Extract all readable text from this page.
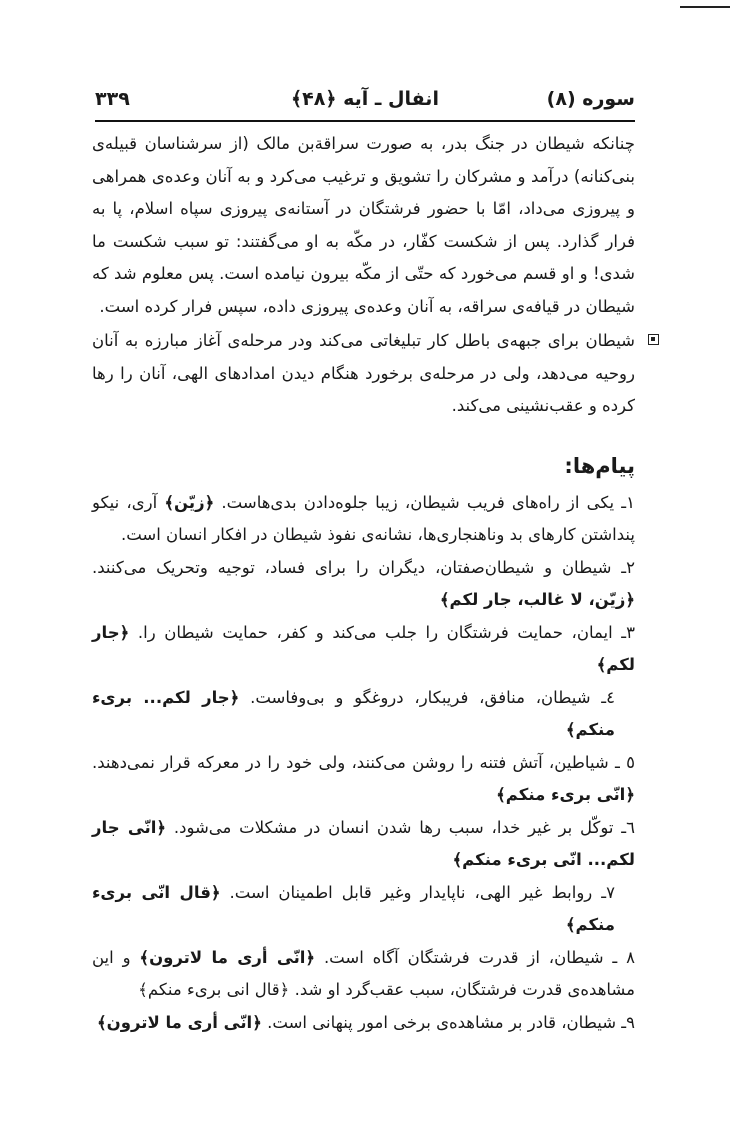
سوره (۸)
انفال ـ آیه ﴿۴۸﴾
۳۳۹

چنانکه شیطان در جنگ بدر، به صورت سراقةبن مالک (از سرشناسان قبیله‌ی بنی‌کنانه) درآمد و مشرکان را تشویق و ترغیب می‌کرد و به آنان وعده‌ی همراهی و پیروزی می‌داد، امّا با حضور فرشتگان در آستانه‌ی پیروزی سپاه اسلام، پا به فرار گذارد. پس از شکست کفّار، در مکّه به او می‌گفتند: تو سبب شکست ما شدی! و او قسم می‌خورد که حتّی از مکّه بیرون نیامده است. پس معلوم شد که شیطان در قیافه‌ی سراقه، به آنان وعده‌ی پیروزی داده، سپس فرار کرده است.

شیطان برای جبهه‌ی باطل کار تبلیغاتی می‌کند ودر مرحله‌ی آغاز مبارزه به آنان روحیه می‌دهد، ولی در مرحله‌ی برخورد هنگام دیدن امدادهای الهی، آنان را رها کرده و عقب‌نشینی می‌کند.

پیام‌ها:

۱ـ یکی از راه‌های فریب شیطان، زیبا جلوه‌دادن بدی‌هاست. ﴿زیّن﴾ آری، نیکو پنداشتن کارهای بد وناهنجاری‌ها، نشانه‌ی نفوذ شیطان در افکار انسان است.

۲ـ شیطان و شیطان‌صفتان، دیگران را برای فساد، توجیه وتحریک می‌کنند. ﴿زیّن، لا غالب، جار لکم﴾

۳ـ ایمان، حمایت فرشتگان را جلب می‌کند و کفر، حمایت شیطان را. ﴿جار لکم﴾

٤ـ شیطان، منافق، فریبکار، دروغگو و بی‌وفاست. ﴿جار لکم... بریء منکم﴾

٥ ـ شیاطین، آتش فتنه را روشن می‌کنند، ولی خود را در معرکه قرار نمی‌دهند. ﴿انّی بریء منکم﴾

٦ـ توکّل بر غیر خدا، سبب رها شدن انسان در مشکلات می‌شود. ﴿انّی جار لکم... انّی بریء منکم﴾

۷ـ روابط غیر الهی، ناپایدار وغیر قابل اطمینان است. ﴿قال انّی بریء منکم﴾

۸ ـ شیطان، از قدرت فرشتگان آگاه است. ﴿انّی أری ما لاترون﴾ و این مشاهده‌ی قدرت فرشتگان، سبب عقب‌گرد او شد. ﴿قال انی بریء منکم﴾

۹ـ شیطان، قادر بر مشاهده‌ی برخی امور پنهانی است. ﴿انّی أری ما لاترون﴾
